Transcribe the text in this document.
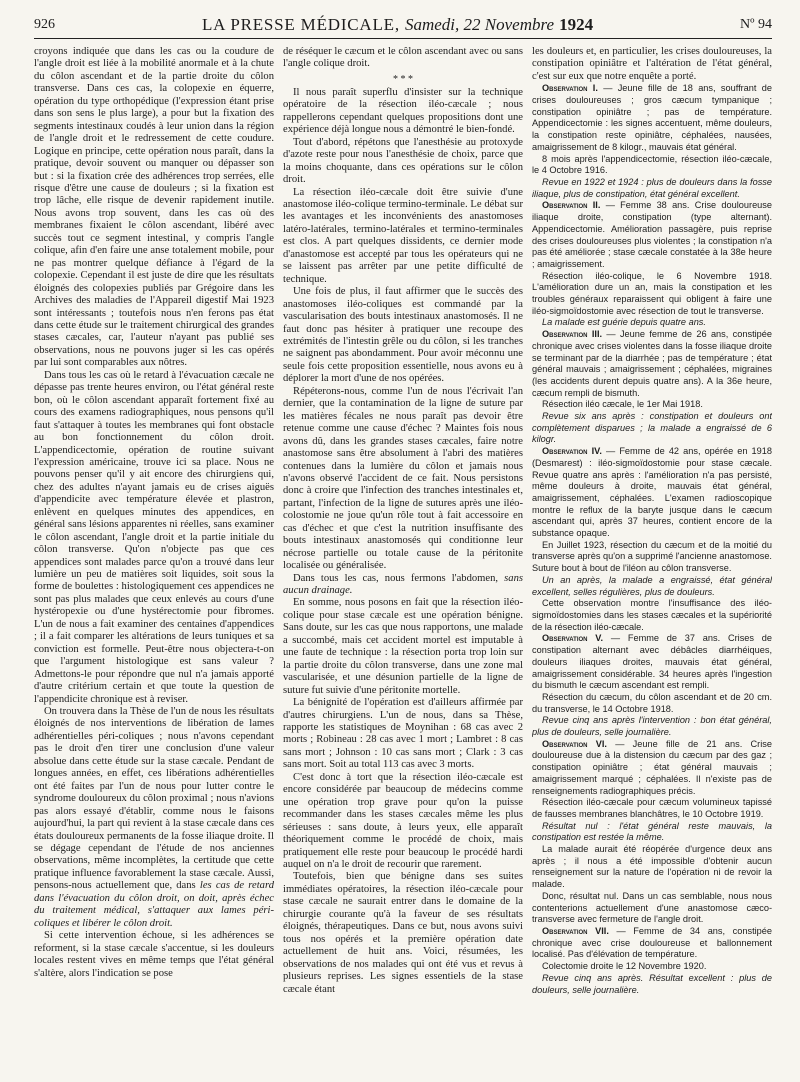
926	LA PRESSE MÉDICALE, Samedi, 22 Novembre 1924	Nº 94

croyons indiquée que dans les cas ou la coudure de l'angle droit est liée à la mobilité anormale et à la chute du côlon ascendant et de la partie droite du côlon transverse. Dans ces cas, la colopexie en équerre, opération du type orthopédique (l'expression étant prise dans son sens le plus large), a pour but la fixation des segments intestinaux coudés à leur union dans la région de l'angle droit et le redressement de cette coudure. Logique en principe, cette opération nous paraît, dans la pratique, devoir souvent ou manquer ou dépasser son but : si la fixation crée des adhérences trop serrées, elle risque d'être une cause de douleurs ; si la fixation est trop lâche, elle risque de devenir rapidement inutile. Nous avons trop souvent, dans les cas où des membranes fixaient le côlon ascendant, libéré avec succès tout ce segment intestinal, y compris l'angle colique, afin d'en faire une anse totalement mobile, pour ne pas montrer quelque défiance à l'égard de la colopexie. Cependant il est juste de dire que les résultats éloignés des colopexies publiés par Grégoire dans les Archives des maladies de l'Appareil digestif Mai 1923 sont intéressants ; toutefois nous n'en ferons pas état dans cette étude sur le traitement chirurgical des grandes stases cæcales, car, l'auteur n'ayant pas publié ses observations, nous ne pouvons juger si les cas opérés par lui sont comparables aux nôtres.

Dans tous les cas où le retard à l'évacuation cæcale ne dépasse pas trente heures environ, ou l'état général reste bon, où le côlon ascendant apparaît fortement fixé au cours des examens radiographiques, nous pensons qu'il faut s'attaquer à toutes les membranes qui font obstacle au bon fonctionnement du côlon droit. L'appendicectomie, opération de routine suivant l'expression américaine, trouve ici sa place. Nous ne pouvons penser qu'il y ait encore des chirurgiens qui, chez des adultes n'ayant jamais eu de crises aiguës d'appendicite avec température élevée et plastron, enlèvent en quelques minutes des appendices, en général sans lésions apparentes ni réelles, sans examiner le côlon ascendant, l'angle droit et la partie initiale du côlon transverse. Qu'on n'objecte pas que ces appendices sont malades parce qu'on a trouvé dans leur lumière un peu de matières soit liquides, soit sous la forme de boulettes : histologiquement ces appendices ne sont pas plus malades que ceux enlevés au cours d'une hystéropexie ou d'une hystérectomie pour fibromes. L'un de nous a fait examiner des centaines d'appendices ; il a fait comparer les altérations de leurs tuniques et sa conviction est formelle. Peut-être nous objectera-t-on que l'argument histologique est sans valeur ? Admettons-le pour répondre que nul n'a jamais apporté d'autre critérium certain et que toute la question de l'appendicite chronique est à reviser.

On trouvera dans la Thèse de l'un de nous les résultats éloignés de nos interventions de libération de lames adhérentielles péri-coliques ; nous n'avons cependant pas le droit d'en tirer une conclusion d'une valeur absolue dans cette étude sur la stase cæcale. Pendant de longues années, en effet, ces libérations adhérentielles ont été faites par l'un de nous pour lutter contre le syndrome douloureux du côlon proximal ; nous n'avions pas alors essayé d'établir, comme nous le faisons aujourd'hui, la part qui revient à la stase cæcale dans ces états douloureux permanents de la fosse iliaque droite. Il se dégage cependant de l'étude de nos anciennes observations, même incomplètes, la certitude que cette pratique influence favorablement la stase cæcale. Aussi, pensons-nous actuellement que, dans les cas de retard dans l'évacuation du côlon droit, on doit, après échec du traitement médical, s'attaquer aux lames péri-coliques et libérer le côlon droit.

Si cette intervention échoue, si les adhérences se reforment, si la stase cæcale s'accentue, si les douleurs locales restent vives en même temps que l'état général s'altère, alors l'indication se pose

de réséquer le cæcum et le côlon ascendant avec ou sans l'angle colique droit.

* * *

Il nous paraît superflu d'insister sur la technique opératoire de la résection iléo-cæcale ; nous rappellerons cependant quelques propositions dont une expérience déjà longue nous a démontré le bien-fondé.

Tout d'abord, répétons que l'anesthésie au protoxyde d'azote reste pour nous l'anesthésie de choix, parce que la moins choquante, dans ces opérations sur le côlon droit.

La résection iléo-cæcale doit être suivie d'une anastomose iléo-colique termino-terminale. Le débat sur les avantages et les inconvénients des anastomoses latéro-latérales, termino-latérales et termino-terminales est clos. A part quelques dissidents, ce dernier mode d'anastomose est accepté par tous les opérateurs qui ne se laissent pas arrêter par une petite difficulté de technique.

Une fois de plus, il faut affirmer que le succès des anastomoses iléo-coliques est commandé par la vascularisation des bouts intestinaux anastomosés. Il ne faut donc pas hésiter à pratiquer une recoupe des extrémités de l'intestin grêle ou du côlon, si les tranches ne saignent pas abondamment. Pour avoir méconnu une seule fois cette proposition essentielle, nous avons eu à déplorer la mort d'une de nos opérées.

Répéterons-nous, comme l'un de nous l'écrivait l'an dernier, que la contamination de la ligne de suture par les matières fécales ne nous paraît pas devoir être retenue comme une cause d'échec ? Maintes fois nous avons dû, dans les grandes stases cæcales, faire notre anastomose sans être absolument à l'abri des matières contenues dans la lumière du côlon et jamais nous n'avons observé l'accident de ce fait. Nous persistons donc à croire que l'infection des tranches intestinales et, partant, l'infection de la ligne de sutures après une iléo-colostomie ne joue qu'un rôle tout à fait accessoire en cas d'échec et que c'est la nutrition insuffisante des bouts intestinaux anastomosés qui conditionne leur nécrose partielle ou totale cause de la péritonite localisée ou généralisée.

Dans tous les cas, nous fermons l'abdomen, sans aucun drainage.

En somme, nous posons en fait que la résection iléo-colique pour stase cæcale est une opération bénigne. Sans doute, sur les cas que nous rapportons, une malade a succombé, mais cet accident mortel est imputable à une faute de technique : la résection porta trop loin sur la partie droite du côlon transverse, dans une zone mal vascularisée, et une désunion partielle de la ligne de suture fut suivie d'une péritonite mortelle.

La bénignité de l'opération est d'ailleurs affirmée par d'autres chirurgiens. L'un de nous, dans sa Thèse, rapporte les statistiques de Moynihan : 68 cas avec 2 morts ; Robineau : 28 cas avec 1 mort ; Lambret : 8 cas sans mort ; Johnson : 10 cas sans mort ; Clark : 3 cas sans mort. Soit au total 113 cas avec 3 morts.

C'est donc à tort que la résection iléo-cæcale est encore considérée par beaucoup de médecins comme une opération trop grave pour qu'on la puisse recommander dans les stases cæcales même les plus sérieuses : sans doute, à leurs yeux, elle apparaît théoriquement comme le procédé de choix, mais pratiquement elle reste pour beaucoup le procédé hardi auquel on n'a le droit de recourir que rarement.

Toutefois, bien que bénigne dans ses suites immédiates opératoires, la résection iléo-cæcale pour stase cæcale ne saurait entrer dans le domaine de la chirurgie courante qu'à la faveur de ses résultats éloignés, thérapeutiques. Dans ce but, nous avons suivi tous nos opérés et la première opération date actuellement de huit ans. Voici, résumées, les observations de nos malades qui ont été vus et revus à plusieurs reprises. Les signes essentiels de la stase cæcale étant

les douleurs et, en particulier, les crises douloureuses, la constipation opiniâtre et l'altération de l'état général, c'est sur eux que notre enquête a porté.

Observation I. — Jeune fille de 18 ans, souffrant de crises douloureuses ; gros cæcum tympanique ; constipation opiniâtre ; pas de température. Appendicectomie : les signes accentuent, même douleurs, la constipation reste opiniâtre, céphalées, nausées, amaigrissement de 8 kilogr., mauvais état général.

8 mois après l'appendicectomie, résection iléo-cæcale, le 4 Octobre 1916.

Revue en 1922 et 1924 : plus de douleurs dans la fosse iliaque, plus de constipation, état général excellent.

Observation II. — Femme 38 ans. Crise douloureuse iliaque droite, constipation (type alternant). Appendicectomie. Amélioration passagère, puis reprise des crises douloureuses plus violentes ; la constipation n'a pas été améliorée ; stase cæcale constatée à la 38e heure ; amaigrissement.

Résection iléo-colique, le 6 Novembre 1918. L'amélioration dure un an, mais la constipation et les troubles généraux reparaissent qui obligent à faire une iléo-sigmoïdostomie avec résection de tout le transverse.

La malade est guérie depuis quatre ans.

Observation III. — Jeune femme de 26 ans, constipée chronique avec crises violentes dans la fosse iliaque droite se terminant par de la diarrhée ; pas de température ; état général mauvais ; amaigrissement ; céphalées, migraines (les accidents durent depuis quatre ans). A la 36e heure, cæcum rempli de bismuth.

Résection iléo cæcale, le 1er Mai 1918.

Revue six ans après : constipation et douleurs ont complètement disparues ; la malade a engraissé de 6 kilogr.

Observation IV. — Femme de 42 ans, opérée en 1918 (Desmarest) : iléo-sigmoïdostomie pour stase cæcale. Revue quatre ans après : l'amélioration n'a pas persisté, même douleurs à droite, mauvais état général, amaigrissement, céphalées. L'examen radioscopique montre le reflux de la baryte jusque dans le cæcum ascendant qui, après 37 heures, contient encore de la substance opaque.

En Juillet 1923, résection du cæcum et de la moitié du transverse après qu'on a supprimé l'ancienne anastomose. Suture bout à bout de l'iléon au côlon transverse.

Un an après, la malade a engraissé, état général excellent, selles régulières, plus de douleurs.

Cette observation montre l'insuffisance des iléo-sigmoïdostomies dans les stases cæcales et la supériorité de la résection iléo-cæcale.

Observation V. — Femme de 37 ans. Crises de constipation alternant avec débâcles diarrhéiques, douleurs iliaques droites, mauvais état général, amaigrissement considérable. 34 heures après l'ingestion du bismuth le cæcum ascendant est rempli.

Résection du cæcum, du côlon ascendant et de 20 cm. du transverse, le 14 Octobre 1918.

Revue cinq ans après l'intervention : bon état général, plus de douleurs, selle journalière.

Observation VI. — Jeune fille de 21 ans. Crise douloureuse due à la distension du cæcum par des gaz ; constipation opiniâtre ; état général mauvais ; amaigrissement marqué ; céphalées. Il n'existe pas de renseignements radiographiques précis.

Résection iléo-cæcale pour cæcum volumineux tapissé de fausses membranes blanchâtres, le 10 Octobre 1919.

Résultat nul : l'état général reste mauvais, la constipation est restée la même.

La malade aurait été réopérée d'urgence deux ans après ; il nous a été impossible d'obtenir aucun renseignement sur la nature de l'opération ni de revoir la malade.

Donc, résultat nul. Dans un cas semblable, nous nous contenterions actuellement d'une anastomose cæco-transverse avec fermeture de l'angle droit.

Observation VII. — Femme de 34 ans, constipée chronique avec crise douloureuse et ballonnement localisé. Pas d'élévation de température.

Colectomie droite le 12 Novembre 1920.

Revue cinq ans après. Résultat excellent : plus de douleurs, selle journalière.
